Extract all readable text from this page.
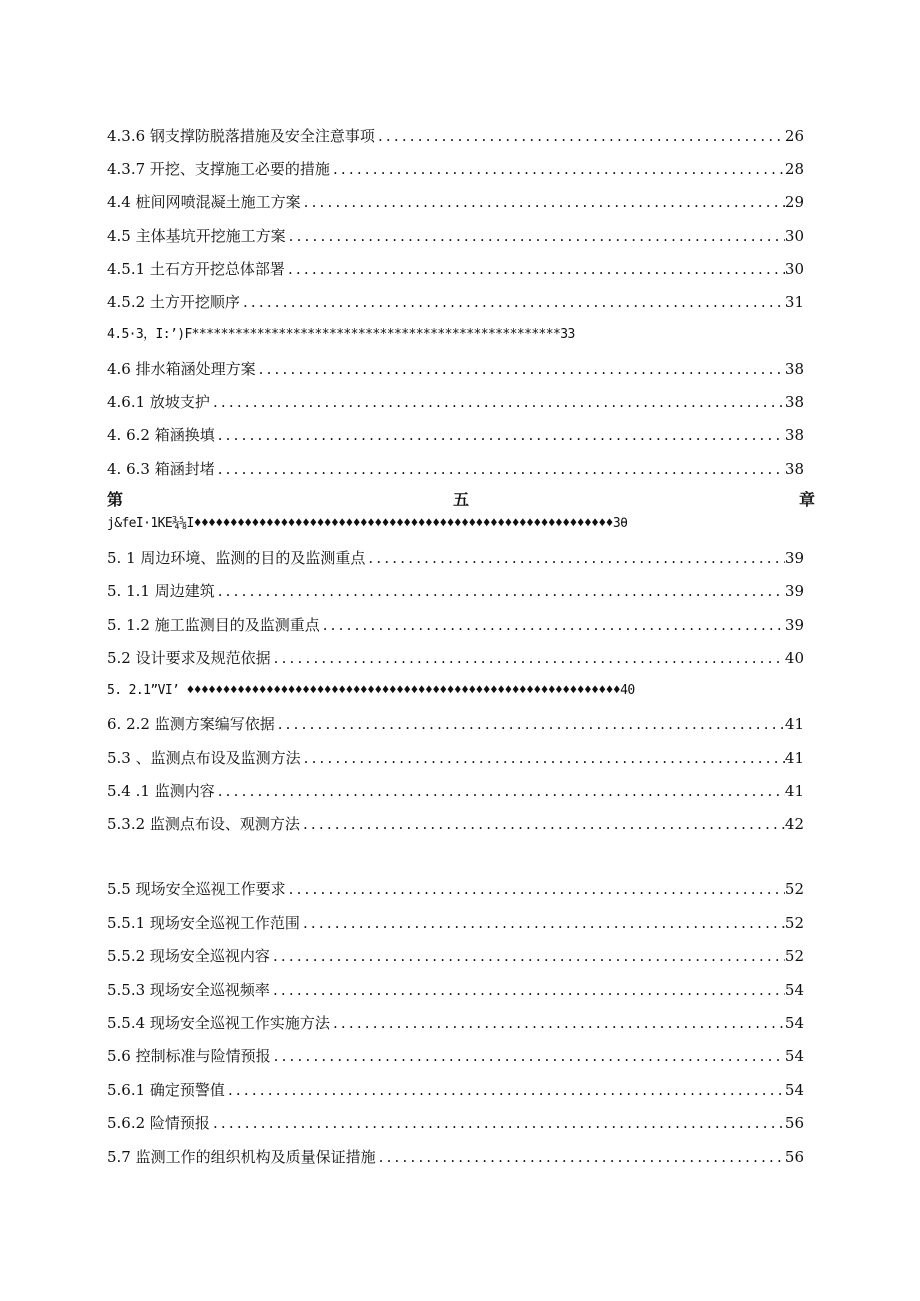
4.3.6 钢支撑防脱落措施及安全注意事项 .....	26
4.3.7 开挖、支撑施工必要的措施 .....	28
4.4 桩间网喷混凝土施工方案 .....	29
4.5 主体基坑开挖施工方案 .....	30
4.5.1 土石方开挖总体部署 .....	30
4.5.2 土方开挖顺序 .....	31
4.5·3，I:’)F***************************************************33
4.6 排水箱涵处理方案 .....	38
4.6.1 放坡支护 .....	38
4. 6.2 箱涵换填 .....	38
4. 6.3 箱涵封堵 .....	38
第	五	章
j&feI·1KE¾⅝I♦♦♦♦♦♦♦♦♦♦♦♦♦♦♦♦♦♦♦♦♦♦♦♦♦♦♦♦♦♦♦♦♦♦♦♦♦♦♦♦♦♦♦♦♦♦♦♦♦♦♦♦♦♦♦♦♦♦3θ
5. 1 周边环境、监测的目的及监测重点 .....	39
5. 1.1 周边建筑 .....	39
5. 1.2 施工监测目的及监测重点 .....	39
5.2 设计要求及规范依据 .....	40
5. 2.1”VI’ ♦♦♦♦♦♦♦♦♦♦♦♦♦♦♦♦♦♦♦♦♦♦♦♦♦♦♦♦♦♦♦♦♦♦♦♦♦♦♦♦♦♦♦♦♦♦♦♦♦♦♦♦♦♦♦♦♦♦♦♦40
6. 2.2 监测方案编写依据 .....	41
5.3 、监测点布设及监测方法 .....	41
5.4 .1 监测内容 .....	41
5.3.2 监测点布设、观测方法 .....	42
5.5 现场安全巡视工作要求 .....	52
5.5.1 现场安全巡视工作范围 .....	52
5.5.2 现场安全巡视内容 .....	52
5.5.3 现场安全巡视频率 .....	54
5.5.4 现场安全巡视工作实施方法 .....	54
5.6 控制标准与险情预报 .....	54
5.6.1 确定预警值 .....	54
5.6.2 险情预报 .....	56
5.7 监测工作的组织机构及质量保证措施 .....	56
